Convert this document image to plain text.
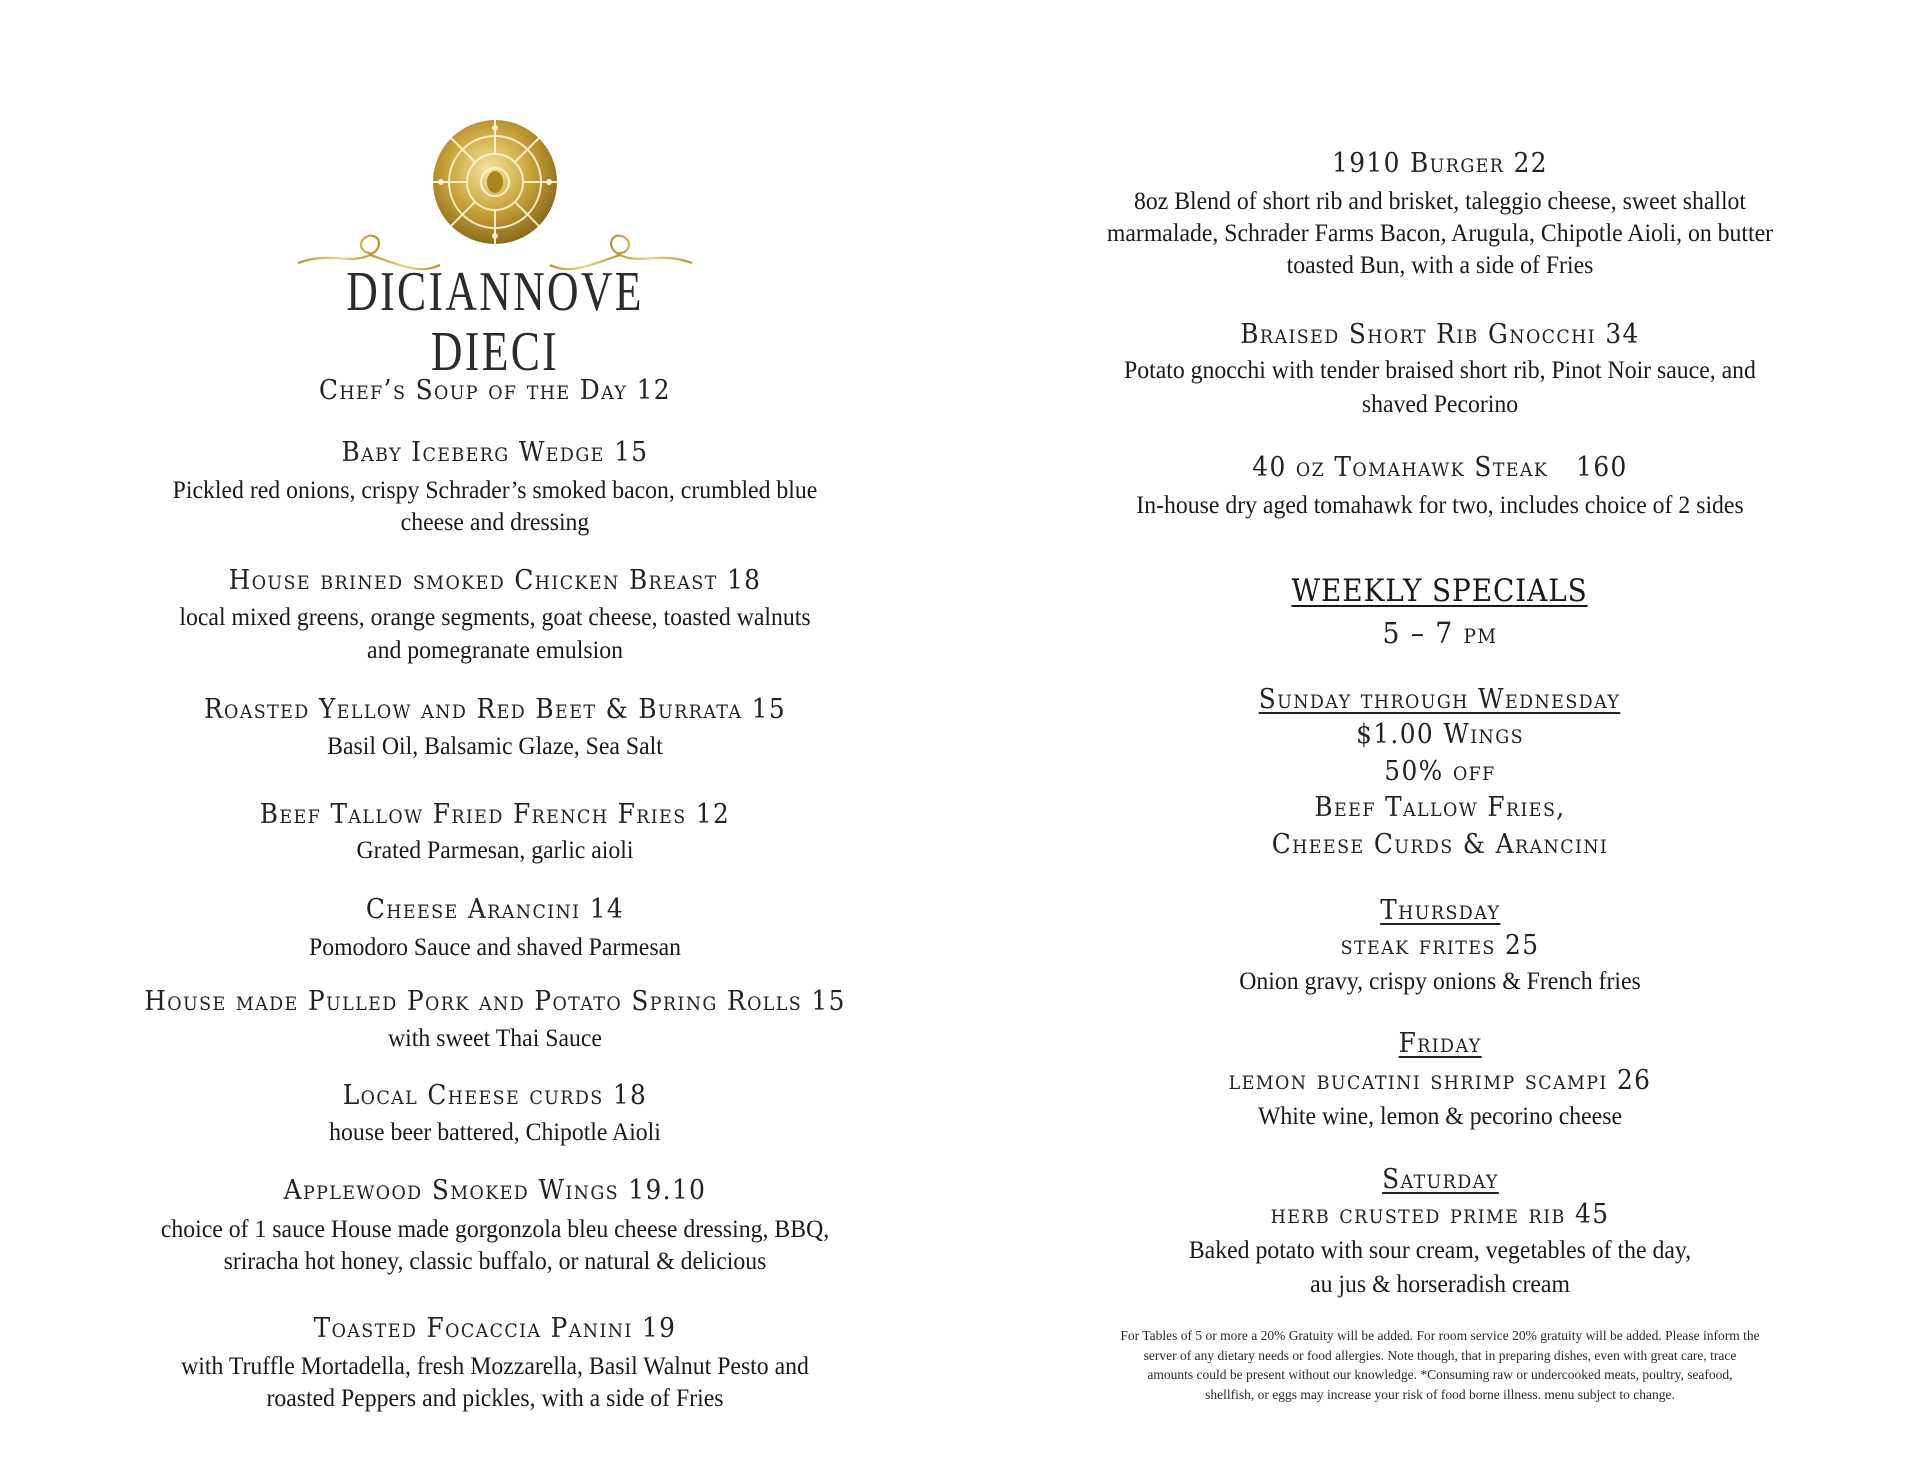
DICIANNOVE DIECI
Chef’s Soup of the Day 12
Baby Iceberg Wedge 15
Pickled red onions, crispy Schrader’s smoked bacon, crumbled blue
cheese and dressing
House brined smoked Chicken Breast 18
local mixed greens, orange segments, goat cheese, toasted walnuts
and pomegranate emulsion
Roasted Yellow and Red Beet & Burrata 15
Basil Oil, Balsamic Glaze, Sea Salt
Beef Tallow Fried French Fries 12
Grated Parmesan, garlic aioli
Cheese Arancini 14
Pomodoro Sauce and shaved Parmesan
House made Pulled Pork and Potato Spring Rolls 15
with sweet Thai Sauce
Local Cheese curds 18
house beer battered, Chipotle Aioli
Applewood Smoked Wings 19.10
choice of 1 sauce House made gorgonzola bleu cheese dressing, BBQ,
sriracha hot honey, classic buffalo, or natural & delicious
Toasted Focaccia Panini 19
with Truffle Mortadella, fresh Mozzarella, Basil Walnut Pesto and
roasted Peppers and pickles, with a side of Fries
1910 Burger 22
8oz Blend of short rib and brisket, taleggio cheese, sweet shallot
marmalade, Schrader Farms Bacon, Arugula, Chipotle Aioli, on butter
toasted Bun, with a side of Fries
Braised Short Rib Gnocchi 34
Potato gnocchi with tender braised short rib, Pinot Noir sauce, and
shaved Pecorino
40 oz Tomahawk Steak   160
In-house dry aged tomahawk for two, includes choice of 2 sides
WEEKLY SPECIALS
5 – 7 pm
Sunday through Wednesday
$1.00 Wings
50% off
Beef Tallow Fries,
Cheese Curds & Arancini
Thursday
steak frites 25
Onion gravy, crispy onions & French fries
Friday
lemon bucatini shrimp scampi 26
White wine, lemon & pecorino cheese
Saturday
herb crusted prime rib 45
Baked potato with sour cream, vegetables of the day,
au jus & horseradish cream
For Tables of 5 or more a 20% Gratuity will be added. For room service 20% gratuity will be added. Please inform the
server of any dietary needs or food allergies. Note though, that in preparing dishes, even with great care, trace
amounts could be present without our knowledge. *Consuming raw or undercooked meats, poultry, seafood,
shellfish, or eggs may increase your risk of food borne illness. menu subject to change.
